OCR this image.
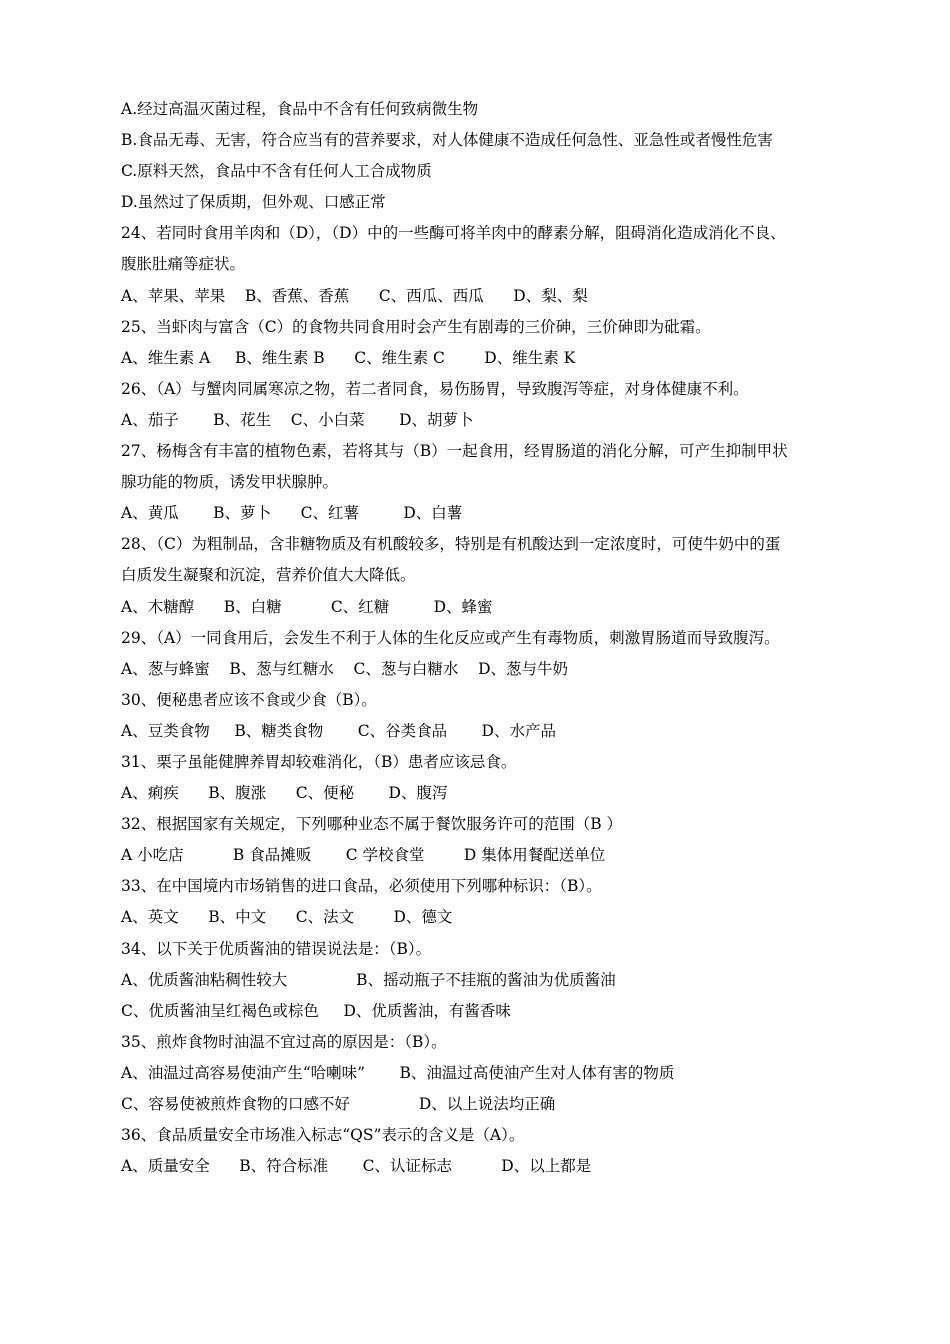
A.经过高温灭菌过程，食品中不含有任何致病微生物
B.食品无毒、无害，符合应当有的营养要求，对人体健康不造成任何急性、亚急性或者慢性危害
C.原料天然，食品中不含有任何人工合成物质
D.虽然过了保质期，但外观、口感正常
24、若同时食用羊肉和（D），（D）中的一些酶可将羊肉中的酵素分解，阻碍消化造成消化不良、
腹胀肚痛等症状。
A、苹果、苹果    B、香蕉、香蕉      C、西瓜、西瓜      D、梨、梨
25、当虾肉与富含（C）的食物共同食用时会产生有剧毒的三价砷，三价砷即为砒霜。
A、维生素 A     B、维生素 B      C、维生素 C        D、维生素 K
26、（A）与蟹肉同属寒凉之物，若二者同食，易伤肠胃，导致腹泻等症，对身体健康不利。
A、茄子       B、花生    C、小白菜       D、胡萝卜
27、杨梅含有丰富的植物色素，若将其与（B）一起食用，经胃肠道的消化分解，可产生抑制甲状
腺功能的物质，诱发甲状腺肿。
A、黄瓜       B、萝卜      C、红薯         D、白薯
28、（C）为粗制品，含非糖物质及有机酸较多，特别是有机酸达到一定浓度时，可使牛奶中的蛋
白质发生凝聚和沉淀，营养价值大大降低。
A、木糖醇      B、白糖          C、红糖         D、蜂蜜
29、（A）一同食用后，会发生不利于人体的生化反应或产生有毒物质，刺激胃肠道而导致腹泻。
A、葱与蜂蜜    B、葱与红糖水    C、葱与白糖水    D、葱与牛奶
30、便秘患者应该不食或少食（B）。
A、豆类食物     B、糖类食物       C、谷类食品       D、水产品
31、栗子虽能健脾养胃却较难消化，（B）患者应该忌食。
A、痢疾      B、腹涨      C、便秘       D、腹泻
32、根据国家有关规定，下列哪种业态不属于餐饮服务许可的范围（B ）
A 小吃店          B 食品摊贩       C 学校食堂        D 集体用餐配送单位
33、在中国境内市场销售的进口食品，必须使用下列哪种标识：（B）。
A、英文      B、中文      C、法文        D、德文
34、以下关于优质酱油的错误说法是：（B）。
A、优质酱油粘稠性较大              B、摇动瓶子不挂瓶的酱油为优质酱油
C、优质酱油呈红褐色或棕色     D、优质酱油，有酱香味
35、煎炸食物时油温不宜过高的原因是：（B）。
A、油温过高容易使油产生“哈喇味”       B、油温过高使油产生对人体有害的物质
C、容易使被煎炸食物的口感不好              D、以上说法均正确
36、食品质量安全市场准入标志“QS”表示的含义是（A）。
A、质量安全      B、符合标准       C、认证标志          D、以上都是
